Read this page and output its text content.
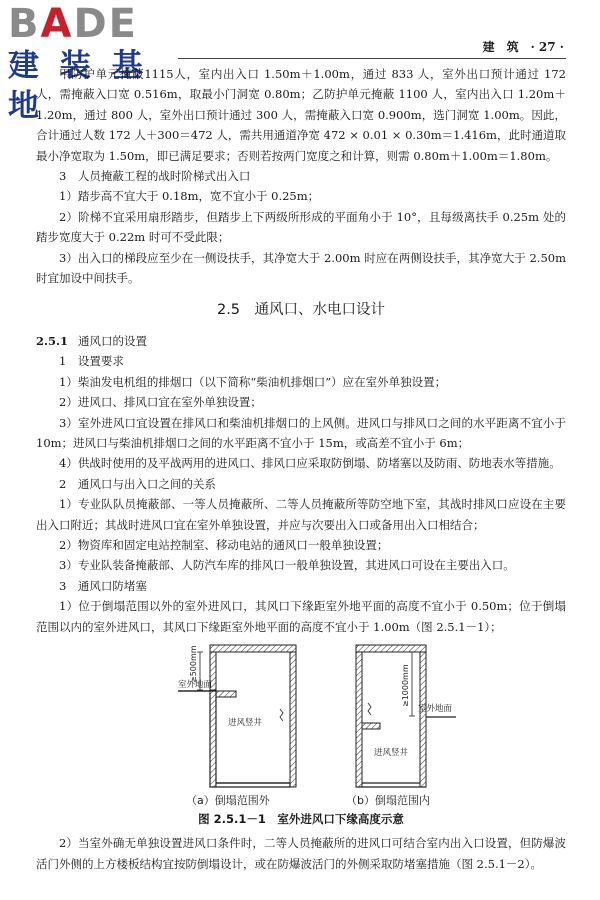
BADE
建 装 基 地
建　筑　· 27 ·

甲防护单元掩蔽1115人，室内出入口 1.50m＋1.00m，通过 833 人，室外出口预计通过 172 人，需掩蔽入口宽 0.516m，取最小门洞宽 0.80m；乙防护单元掩蔽 1100 人，室内出入口 1.20m＋1.20m，通过 800 人，室外出口预计通过 300 人，需掩蔽入口宽 0.900m，选门洞宽 1.00m。因此，合计通过人数 172 人＋300＝472 人，需共用通道净宽 472 × 0.01 × 0.30m＝1.416m，此时通道取最小净宽取为 1.50m，即已满足要求；否则若按两门宽度之和计算，则需 0.80m＋1.00m＝1.80m。

3　人员掩蔽工程的战时阶梯式出入口

1）踏步高不宜大于 0.18m，宽不宜小于 0.25m；

2）阶梯不宜采用扇形踏步，但踏步上下两级所形成的平面角小于 10°，且每级离扶手 0.25m 处的踏步宽度大于 0.22m 时可不受此限；

3）出入口的梯段应至少在一侧设扶手，其净宽大于 2.00m 时应在两侧设扶手，其净宽大于 2.50m 时宜加设中间扶手。

2.5　 通风口、水电口设计

2.5.1 通风口的设置

1　设置要求

1）柴油发电机组的排烟口（以下简称“柴油机排烟口”）应在室外单独设置；

2）进风口、排风口宜在室外单独设置；

3）室外进风口宜设置在排风口和柴油机排烟口的上风侧。进风口与排风口之间的水平距离不宜小于 10m；进风口与柴油机排烟口之间的水平距离不宜小于 15m，或高差不宜小于 6m；

4）供战时使用的及平战两用的进风口、排风口应采取防倒塌、防堵塞以及防雨、防地表水等措施。

2　通风口与出入口之间的关系

1）专业队队员掩蔽部、一等人员掩蔽所、二等人员掩蔽所等防空地下室，其战时排风口应设在主要出入口附近；其战时进风口宜在室外单独设置，并应与次要出入口或备用出入口相结合；

2）物资库和固定电站控制室、移动电站的通风口一般单独设置；

3）专业队装备掩蔽部、人防汽车库的排风口一般单独设置，其进风口可设在主要出入口。

3　通风口防堵塞

1）位于倒塌范围以外的室外进风口，其风口下缘距室外地平面的高度不宜小于 0.50m；位于倒塌范围以内的室外进风口，其风口下缘距室外地平面的高度不宜小于 1.00m（图 2.5.1－1）；

≥500mm
室外地面
进风竖井
≥1000mm
室外地面
进风竖井
（a）倒塌范围外	（b）倒塌范围内
图 2.5.1－1　室外进风口下缘高度示意

2）当室外确无单独设置进风口条件时，二等人员掩蔽所的进风口可结合室内出入口设置，但防爆波活门外侧的上方楼板结构宜按防倒塌设计，或在防爆波活门的外侧采取防堵塞措施（图 2.5.1－2）。
